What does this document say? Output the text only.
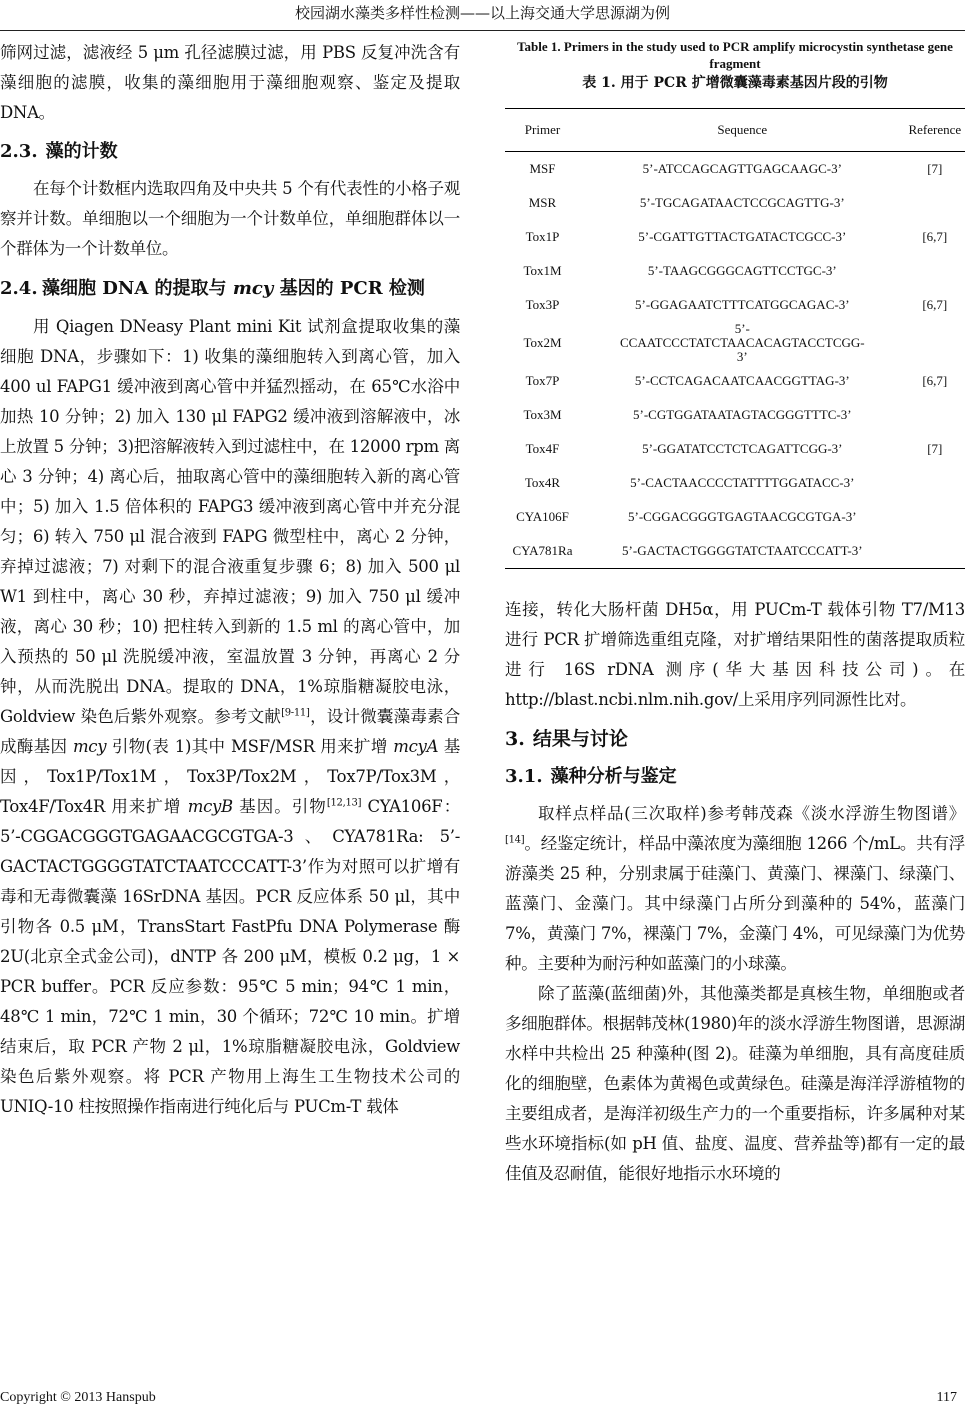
校园湖水藻类多样性检测——以上海交通大学思源湖为例

筛网过滤，滤液经 5 μm 孔径滤膜过滤，用 PBS 反复冲洗含有藻细胞的滤膜，收集的藻细胞用于藻细胞观察、鉴定及提取 DNA。

2.3. 藻的计数

在每个计数框内选取四角及中央共 5 个有代表性的小格子观察并计数。单细胞以一个细胞为一个计数单位，单细胞群体以一个群体为一个计数单位。

2.4. 藻细胞 DNA 的提取与 mcy 基因的 PCR 检测

用 Qiagen DNeasy Plant mini Kit 试剂盒提取收集的藻细胞 DNA，步骤如下：1) 收集的藻细胞转入到离心管，加入 400 ul FAPG1 缓冲液到离心管中并猛烈摇动，在 65℃水浴中加热 10 分钟；2) 加入 130 μl FAPG2 缓冲液到溶解液中，冰上放置 5 分钟；3)把溶解液转入到过滤柱中，在 12000 rpm 离心 3 分钟；4) 离心后，抽取离心管中的藻细胞转入新的离心管中；5) 加入 1.5 倍体积的 FAPG3 缓冲液到离心管中并充分混匀；6) 转入 750 μl 混合液到 FAPG 微型柱中，离心 2 分钟，弃掉过滤液；7) 对剩下的混合液重复步骤 6；8) 加入 500 μl W1 到柱中，离心 30 秒，弃掉过滤液；9) 加入 750 μl 缓冲液，离心 30 秒；10) 把柱转入到新的 1.5 ml 的离心管中，加入预热的 50 μl 洗脱缓冲液，室温放置 3 分钟，再离心 2 分钟，从而洗脱出 DNA。提取的 DNA，1%琼脂糖凝胶电泳，Goldview 染色后紫外观察。参考文献[9-11]，设计微囊藻毒素合成酶基因 mcy 引物(表 1)其中 MSF/MSR 用来扩增 mcyA 基因，Tox1P/Tox1M，Tox3P/Tox2M，Tox7P/Tox3M，Tox4F/Tox4R 用来扩增 mcyB 基因。引物[12,13] CYA106F：5’-CGGACGGGTGAGAACGCGTGA-3、CYA781Ra: 5’-GACTACTGGGGTATCTAATCCCATT-3’作为对照可以扩增有毒和无毒微囊藻 16SrDNA 基因。PCR 反应体系 50 μl，其中引物各 0.5 μM，TransStart FastPfu DNA Polymerase 酶 2U(北京全式金公司)，dNTP 各 200 μM，模板 0.2 μg，1 × PCR buffer。PCR 反应参数：95℃ 5 min；94℃ 1 min，48℃ 1 min，72℃ 1 min，30 个循环；72℃ 10 min。扩增结束后，取 PCR 产物 2 μl，1%琼脂糖凝胶电泳，Goldview 染色后紫外观察。将 PCR 产物用上海生工生物技术公司的 UNIQ-10 柱按照操作指南进行纯化后与 PUCm-T 载体

Table 1. Primers in the study used to PCR amplify microcystin synthetase gene fragment
表 1. 用于 PCR 扩增微囊藻毒素基因片段的引物
Primer	Sequence	Reference
MSF	5’-ATCCAGCAGTTGAGCAAGC-3’	[7]
MSR	5’-TGCAGATAACTCCGCAGTTG-3’	
Tox1P	5’-CGATTGTTACTGATACTCGCC-3’	[6,7]
Tox1M	5’-TAAGCGGGCAGTTCCTGC-3’	
Tox3P	5’-GGAGAATCTTTCATGGCAGAC-3’	[6,7]
Tox2M	5’-CCAATCCCTATCTAACACAGTACCTCGG-3’	
Tox7P	5’-CCTCAGACAATCAACGGTTAG-3’	[6,7]
Tox3M	5’-CGTGGATAATAGTACGGGTTTC-3’	
Tox4F	5’-GGATATCCTCTCAGATTCGG-3’	[7]
Tox4R	5’-CACTAACCCCTATTTTGGATACC-3’	
CYA106F	5’-CGGACGGGTGAGTAACGCGTGA-3’	
CYA781Ra	5’-GACTACTGGGGTATCTAATCCCATT-3’	

连接，转化大肠杆菌 DH5α，用 PUCm-T 载体引物 T7/M13 进行 PCR 扩增筛选重组克隆，对扩增结果阳性的菌落提取质粒进行 16S rDNA 测序(华大基因科技公司)。在 http://blast.ncbi.nlm.nih.gov/上采用序列同源性比对。

3. 结果与讨论
3.1. 藻种分析与鉴定

取样点样品(三次取样)参考韩茂森《淡水浮游生物图谱》[14]。经鉴定统计，样品中藻浓度为藻细胞 1266 个/mL。共有浮游藻类 25 种，分别隶属于硅藻门、黄藻门、裸藻门、绿藻门、蓝藻门、金藻门。其中绿藻门占所分到藻种的 54%，蓝藻门 7%，黄藻门 7%，裸藻门 7%，金藻门 4%，可见绿藻门为优势种。主要种为耐污种如蓝藻门的小球藻。

除了蓝藻(蓝细菌)外，其他藻类都是真核生物，单细胞或者多细胞群体。根据韩茂林(1980)年的淡水浮游生物图谱，思源湖水样中共检出 25 种藻种(图 2)。硅藻为单细胞，具有高度硅质化的细胞壁，色素体为黄褐色或黄绿色。硅藻是海洋浮游植物的主要组成者，是海洋初级生产力的一个重要指标，许多属种对某些水环境指标(如 pH 值、盐度、温度、营养盐等)都有一定的最佳值及忍耐值，能很好地指示水环境的

Copyright © 2013 Hanspub	117
